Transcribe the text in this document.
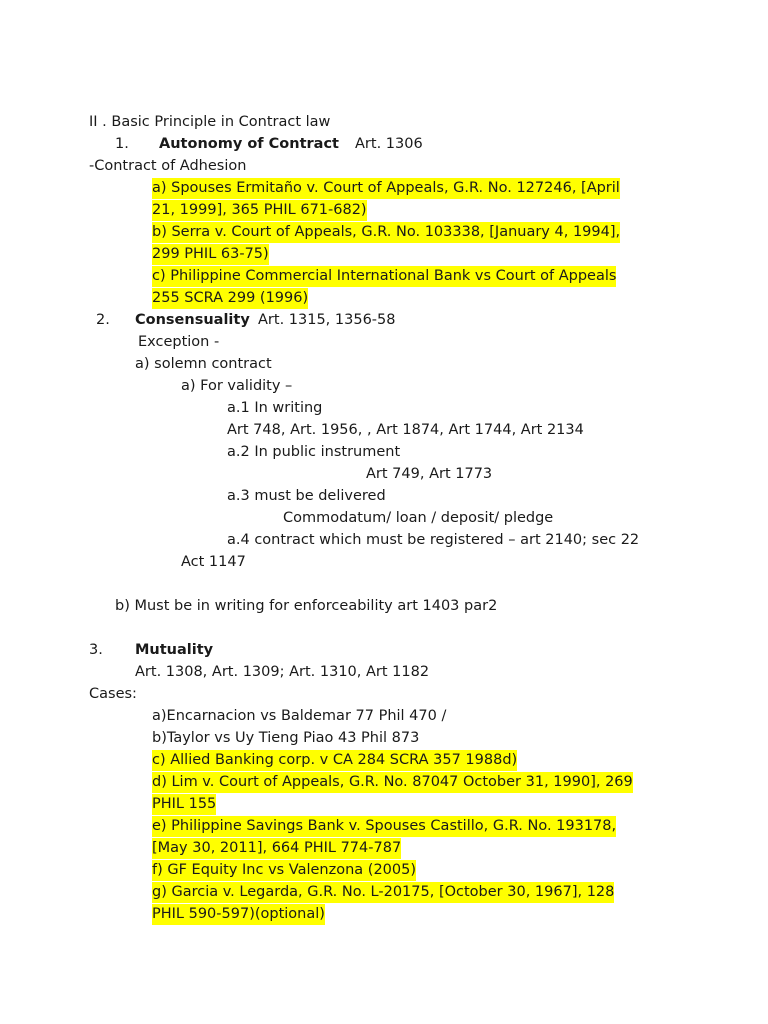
II . Basic Principle in Contract law
1. Autonomy of Contract Art. 1306
-Contract of Adhesion
a) Spouses Ermitaño v. Court of Appeals, G.R. No. 127246, [April
21, 1999], 365 PHIL 671-682)
b) Serra v. Court of Appeals, G.R. No. 103338, [January 4, 1994],
299 PHIL 63-75)
c) Philippine Commercial International Bank vs Court of Appeals
255 SCRA 299 (1996)
2. Consensuality Art. 1315, 1356-58
Exception -
a) solemn contract
a) For validity –
a.1 In writing
Art 748, Art. 1956, , Art 1874, Art 1744, Art 2134
a.2 In public instrument
Art 749, Art 1773
a.3 must be delivered
Commodatum/ loan / deposit/ pledge
a.4 contract which must be registered – art 2140; sec 22
Act 1147
b) Must be in writing for enforceability art 1403 par2
3. Mutuality
Art. 1308, Art. 1309; Art. 1310, Art 1182
Cases:
a)Encarnacion vs Baldemar 77 Phil 470 /
b)Taylor vs Uy Tieng Piao 43 Phil 873
c) Allied Banking corp. v CA 284 SCRA 357 1988d)
d) Lim v. Court of Appeals, G.R. No. 87047 October 31, 1990], 269
PHIL 155
e) Philippine Savings Bank v. Spouses Castillo, G.R. No. 193178,
[May 30, 2011], 664 PHIL 774-787
f) GF Equity Inc vs Valenzona (2005)
g) Garcia v. Legarda, G.R. No. L-20175, [October 30, 1967], 128
PHIL 590-597)(optional)
